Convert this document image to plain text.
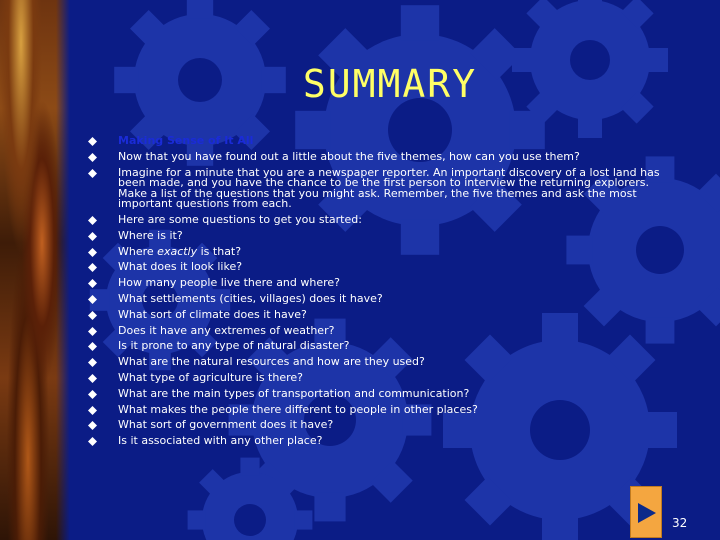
SUMMARY
Making Sense of It All
Now that you have found out a little about the five themes, how can you use them?
Imagine for a minute that you are a newspaper reporter. An important discovery of a lost land has been made, and you have the chance to be the first person to interview the returning explorers. Make a list of the questions that you might ask. Remember, the five themes and ask the most important questions from each.
Here are some questions to get you started:
Where is it?
Where exactly is that?
What does it look like?
How many people live there and where?
What settlements (cities, villages) does it have?
What sort of climate does it have?
Does it have any extremes of weather?
Is it prone to any type of natural disaster?
What are the natural resources and how are they used?
What type of agriculture is there?
What are the main types of transportation and communication?
What makes the people there different to people in other places?
What sort of government does it have?
Is it associated with any other place?
32
